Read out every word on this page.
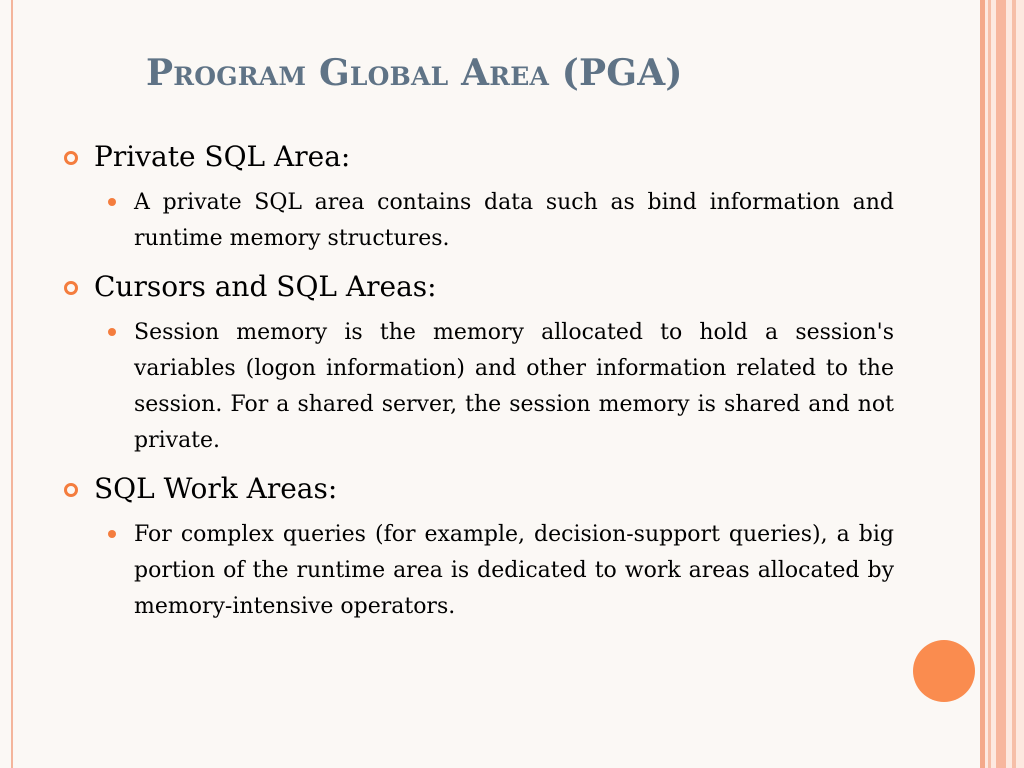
Program Global Area (PGA)
Private SQL Area:
A private SQL area contains data such as bind information and runtime memory structures.
Cursors and SQL Areas:
Session memory is the memory allocated to hold a session's variables (logon information) and other information related to the session. For a shared server, the session memory is shared and not private.
SQL Work Areas:
For complex queries (for example, decision-support queries), a big portion of the runtime area is dedicated to work areas allocated by memory-intensive operators.
